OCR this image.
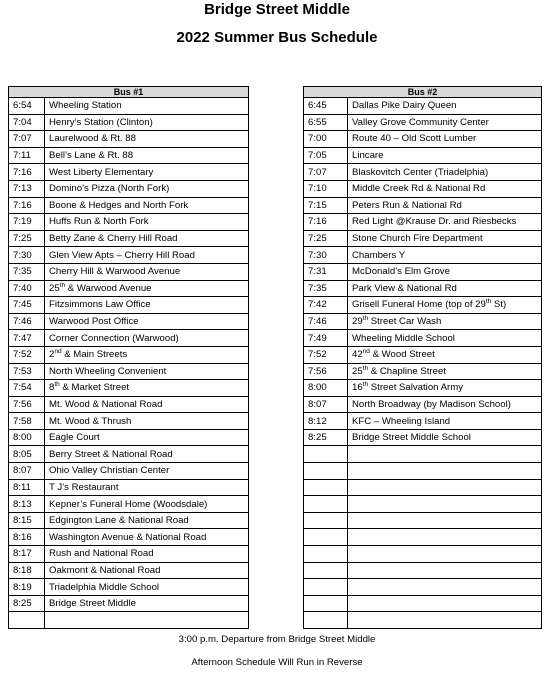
Bridge Street Middle
2022 Summer Bus Schedule
Bus #1	
6:54	Wheeling Station
7:04	Henry’s Station (Clinton)
7:07	Laurelwood & Rt. 88
7:11	Bell’s Lane & Rt. 88
7:16	West Liberty Elementary
7:13	Domino’s Pizza (North Fork)
7:16	Boone & Hedges and North Fork
7:19	Huffs Run & North Fork
7:25	Betty Zane & Cherry Hill Road
7:30	Glen View Apts – Cherry Hill Road
7:35	Cherry Hill & Warwood Avenue
7:40	25th & Warwood Avenue
7:45	Fitzsimmons Law Office
7:46	Warwood Post Office
7:47	Corner Connection (Warwood)
7:52	2nd & Main Streets
7:53	North Wheeling Convenient
7:54	8th & Market Street
7:56	Mt. Wood & National Road
7:58	Mt. Wood & Thrush
8:00	Eagle Court
8:05	Berry Street & National Road
8:07	Ohio Valley Christian Center
8:11	T J’s Restaurant
8:13	Kepner’s Funeral Home (Woodsdale)
8:15	Edgington Lane & National Road
8:16	Washington Avenue & National Road
8:17	Rush and National Road
8:18	Oakmont & National Road
8:19	Triadelphia Middle School
8:25	Bridge Street Middle

Bus #2	
6:45	Dallas Pike Dairy Queen
6:55	Valley Grove Community Center
7:00	Route 40 – Old Scott Lumber
7:05	Lincare
7:07	Blaskovitch Center (Triadelphia)
7:10	Middle Creek Rd & National Rd
7:15	Peters Run & National Rd
7:16	Red Light @Krause Dr. and Riesbecks
7:25	Stone Church Fire Department
7:30	Chambers Y
7:31	McDonald’s Elm Grove
7:35	Park View & National Rd
7:42	Grisell Funeral Home (top of 29th St)
7:46	29th Street Car Wash
7:49	Wheeling Middle School
7:52	42nd & Wood Street
7:56	25th & Chapline Street
8:00	16th Street Salvation Army
8:07	North Broadway (by Madison School)
8:12	KFC – Wheeling Island
8:25	Bridge Street Middle School

3:00 p.m. Departure from Bridge Street Middle
Afternoon Schedule Will Run in Reverse
